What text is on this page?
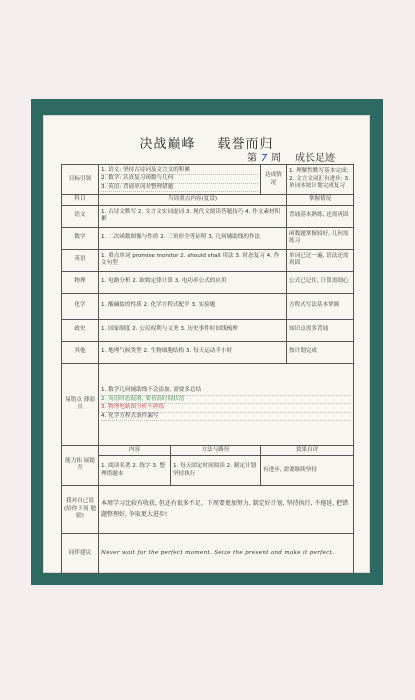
决战巅峰 载誉而归
第 7 周 成长足迹
目标引领	1. 语文: 坚持古诗词及文言文的积累
2. 数学: 认真复习函数与几何
3. 英语: 背诵单词并整理错题		达成情况	1. 理解性默写基本完成; 2. 文言文词汇有进步; 3. 单词本按计划完成复习
科目	当周重点内容(复盘)			掌握情况
语文	1. 古诗文默写 2. 文言文实词虚词 3. 现代文阅读答题技巧 4. 作文素材积累			背诵基本熟练, 还需巩固
数学	1. 二次函数图像与性质 2. 三角形全等证明 3. 几何辅助线的作法			函数题掌握较好, 几何需练习
英语	1. 重点单词 promise monitor 2. should shall 用法 3. 时态复习 4. 作文句型			单词已过一遍, 语法还需巩固
物理	1. 电路分析 2. 欧姆定律计算 3. 电功率公式的应用			公式已记住, 计算需细心
化学	1. 酸碱盐的性质 2. 化学方程式配平 3. 实验题			方程式写法基本掌握
政史	1. 国家制度 2. 公民权利与义务 3. 历史事件时间线梳理			知识点需多背诵
其他	1. 地理气候类型 2. 生物细胞结构 3. 每天运动半小时			按计划完成
易错点 薄弱点	1. 数学几何辅助线不会添加, 需要多总结
2. 英语时态混淆, 要看清时间状语
3. 物理电路图分析不熟练
4. 化学方程式条件漏写			

能力拓 展提升	内容	方法与路径	效果自评	
	1. 阅读名著 2. 练字 3. 整理错题本	1. 每天固定时间阅读 2. 制定计划坚持执行	有进步, 需要继续坚持	
我对自己说 (给你下周 勉励)	本周学习比较有收获, 但还有很多不足。下周要更加努力, 制定好计划, 坚持执行, 不拖延, 把错题整理好, 争取更大进步!			
同伴建议	Never wait for the perfect moment. Seize the present and make it perfect.			
